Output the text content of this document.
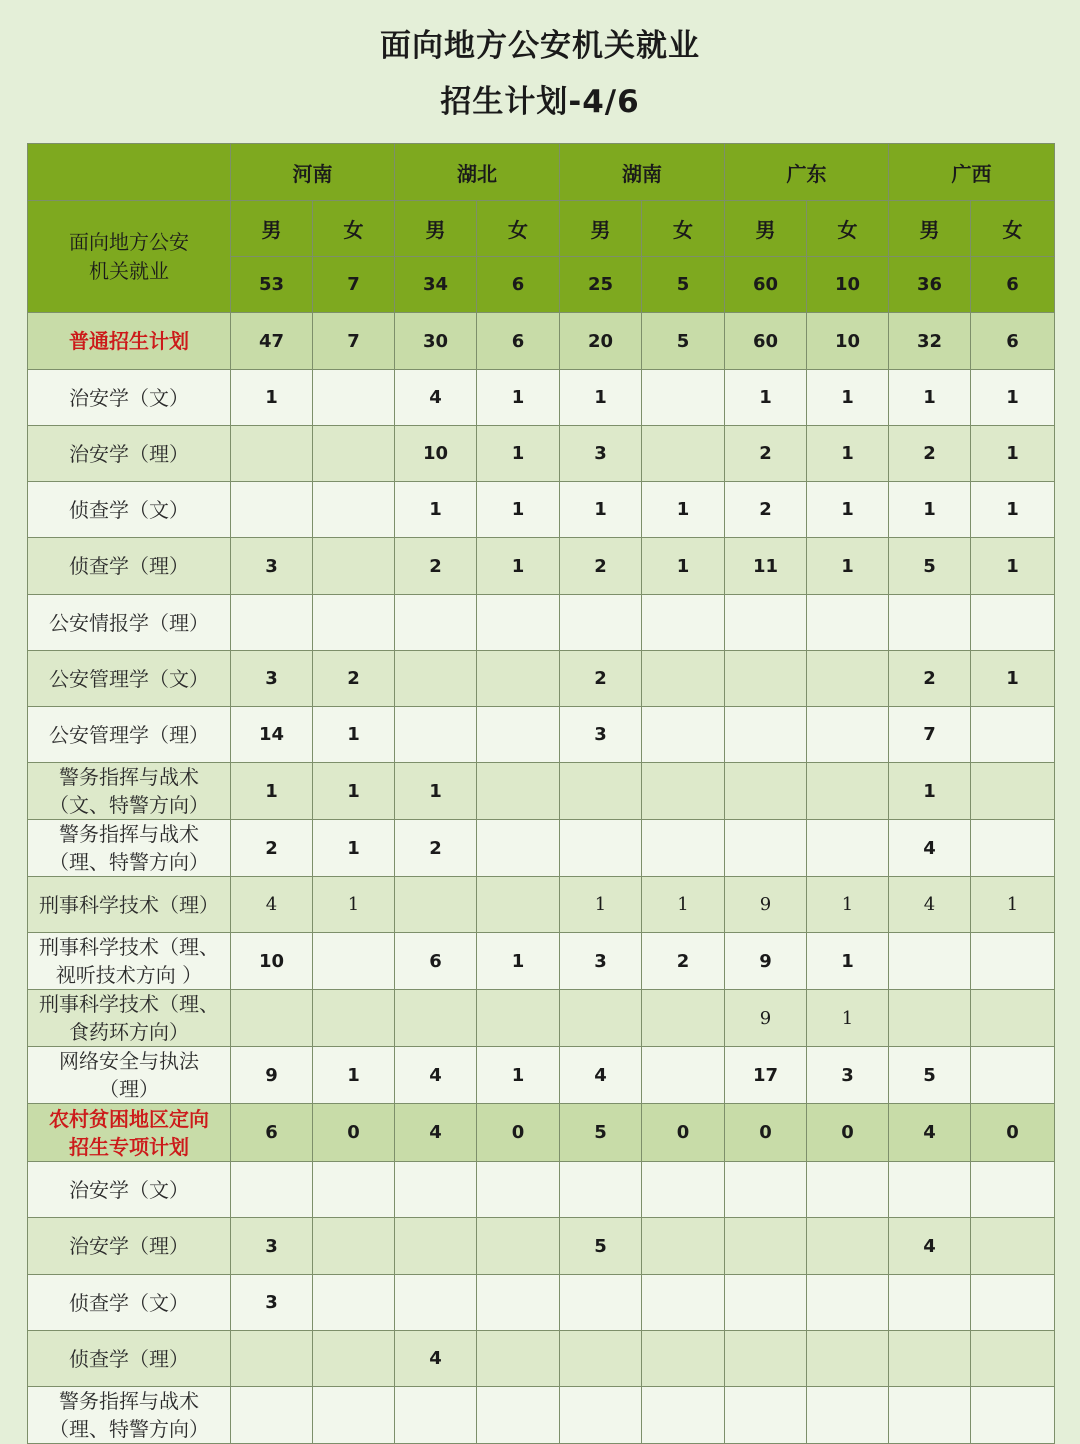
面向地方公安机关就业
招生计划-4/6
	河南		湖北		湖南		广东		广西	
面向地方公安
机关就业	男	女	男	女	男	女	男	女	男	女
	53	7	34	6	25	5	60	10	36	6
普通招生计划	47	7	30	6	20	5	60	10	32	6
治安学（文）	1		4	1	1		1	1	1	1
治安学（理）			10	1	3		2	1	2	1
侦查学（文）			1	1	1	1	2	1	1	1
侦查学（理）	3		2	1	2	1	11	1	5	1
公安情报学（理）										
公安管理学（文）	3	2			2				2	1
公安管理学（理）	14	1			3				7	
警务指挥与战术
（文、特警方向）	1	1	1						1	
警务指挥与战术
（理、特警方向）	2	1	2						4	
刑事科学技术（理）	4	1			1	1	9	1	4	1
刑事科学技术（理、
视听技术方向 ）	10		6	1	3	2	9	1		
刑事科学技术（理、
食药环方向）							9	1		
网络安全与执法
（理）	9	1	4	1	4		17	3	5	
农村贫困地区定向
招生专项计划	6	0	4	0	5	0	0	0	4	0
治安学（文）										
治安学（理）	3				5				4	
侦查学（文）	3									
侦查学（理）			4							
警务指挥与战术
（理、特警方向）										
